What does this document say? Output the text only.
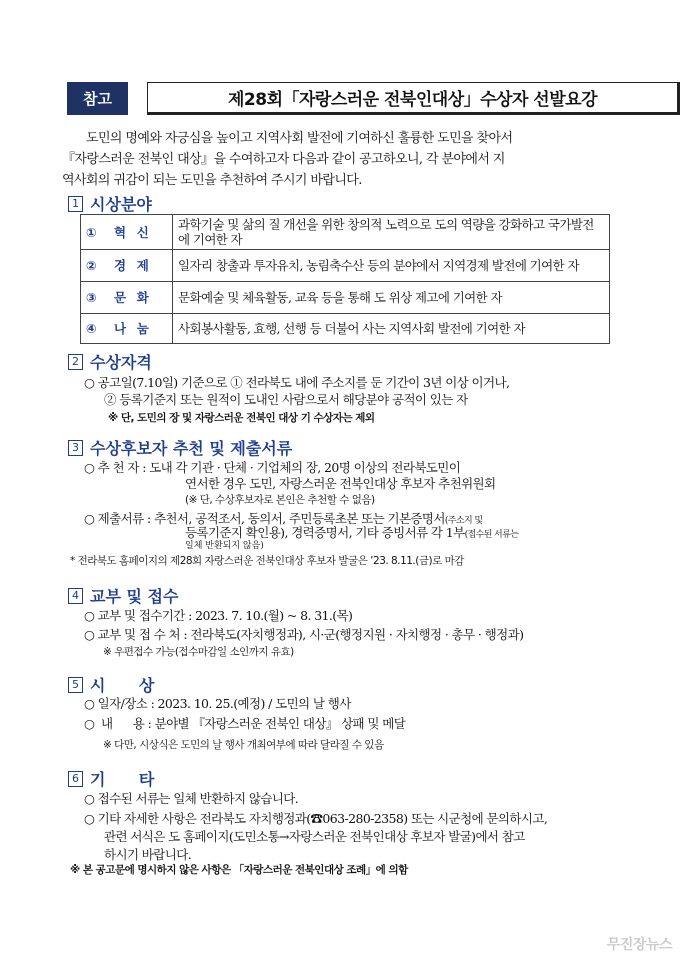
참고	제28회「자랑스러운 전북인대상」수상자 선발요강

도민의 명예와 자긍심을 높이고 지역사회 발전에 기여하신 훌륭한 도민을 찾아서

『자랑스러운 전북인 대상』을 수여하고자 다음과 같이 공고하오니, 각 분야에서 지
역사회의 귀감이 되는 도민을 추천하여 주시기 바랍니다.
1 시상분야
① 혁   신	과학기술 및 삶의 질 개선을 위한 창의적 노력으로 도의 역량을 강화하고 국가발전에 기여한 자
② 경   제	일자리 창출과 투자유치, 농림축수산 등의 분야에서 지역경제 발전에 기여한 자
③ 문   화	문화예술 및 체육활동, 교육 등을 통해 도 위상 제고에 기여한 자
④ 나   눔	사회봉사활동, 효행, 선행 등 더불어 사는 지역사회 발전에 기여한 자
2 수상자격
○ 공고일(7.10일) 기준으로 ① 전라북도 내에 주소지를 둔 기간이 3년 이상 이거나,
② 등록기준지 또는 원적이 도내인 사람으로서 해당분야 공적이 있는 자
※ 단, 도민의 장 및 자랑스러운 전북인 대상 기 수상자는 제외
3 수상후보자 추천 및 제출서류
○ 추 천 자 : 도내 각 기관 · 단체 · 기업체의 장, 20명 이상의 전라북도민이
연서한 경우 도민, 자랑스러운 전북인대상 후보자 추천위원회
(※ 단, 수상후보자로 본인은 추천할 수 없음)
○ 제출서류 : 추천서, 공적조서, 동의서, 주민등록초본 또는 기본증명서(주소지 및
등록기준지 확인용), 경력증명서, 기타 증빙서류 각 1부(접수된 서류는
일체 반환되지 않음)
* 전라북도 홈페이지의 제28회 자랑스러운 전북인대상 후보자 발굴은 ’23. 8.11.(금)로 마감
4 교부 및 접수
○ 교부 및 접수기간 : 2023. 7. 10.(월) ~ 8. 31.(목)
○ 교부 및 접 수 처 : 전라북도(자치행정과), 시·군(행정지원 · 자치행정 · 총무 · 행정과)
※ 우편접수 가능(접수마감일 소인까지 유효)
5 시      상
○ 일자/장소 : 2023. 10. 25.(예정) / 도민의 날 행사
○  내      용 : 분야별 『자랑스러운 전북인 대상』 상패 및 메달
※ 다만, 시상식은 도민의 날 행사 개최여부에 따라 달라질 수 있음
6 기      타
○ 접수된 서류는 일체 반환하지 않습니다.
○ 기타 자세한 사항은 전라북도 자치행정과(☎063-280-2358) 또는 시군청에 문의하시고,
관련 서식은 도 홈페이지(도민소통→자랑스러운 전북인대상 후보자 발굴)에서 참고
하시기 바랍니다.
※ 본 공고문에 명시하지 않은 사항은 「자랑스러운 전북인대상 조례」에 의함
무진장뉴스
